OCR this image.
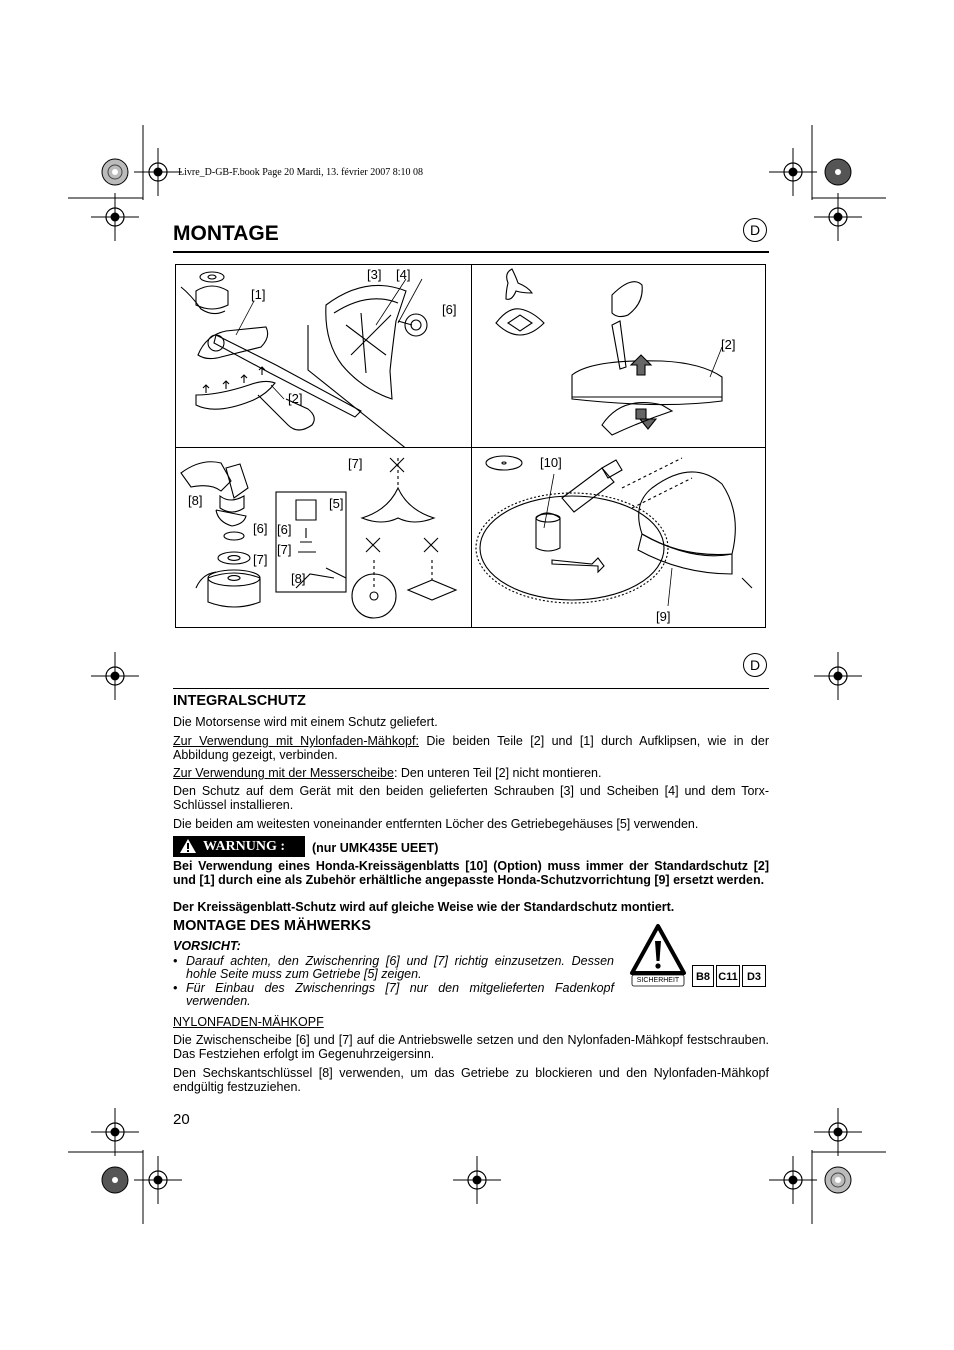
Livre_D-GB-F.book Page 20 Mardi, 13. février 2007 8:10 08
MONTAGE	D
[1]
[2]
[3] [4]
[6]
[2]
[7]
[8]	[5]
[6] [6]
[7]
[7]
[8]
[10]
[9]
D
INTEGRALSCHUTZ
Die Motorsense wird mit einem Schutz geliefert.
Zur Verwendung mit Nylonfaden-Mähkopf: Die beiden Teile [2] und [1] durch Aufklipsen, wie in der Abbildung gezeigt, verbinden.
Zur Verwendung mit der Messerscheibe: Den unteren Teil [2] nicht montieren.
Den Schutz auf dem Gerät mit den beiden gelieferten Schrauben [3] und Scheiben [4] und dem Torx-Schlüssel installieren.
Die beiden am weitesten voneinander entfernten Löcher des Getriebegehäuses [5] verwenden.
WARNUNG : (nur UMK435E UEET)
Bei Verwendung eines Honda-Kreissägenblatts [10] (Option) muss immer der Standardschutz [2] und [1] durch eine als Zubehör erhältliche angepasste Honda-Schutzvorrichtung [9] ersetzt werden.
Der Kreissägenblatt-Schutz wird auf gleiche Weise wie der Standardschutz montiert.
MONTAGE DES MÄHWERKS
VORSICHT:
• Darauf achten, den Zwischenring [6] und [7] richtig einzusetzen. Dessen hohle Seite muss zum Getriebe [5] zeigen.
• Für Einbau des Zwischenrings [7] nur den mitgelieferten Fadenkopf verwenden.
SICHERHEIT	B8 C11 D3
NYLONFADEN-MÄHKOPF
Die Zwischenscheibe [6] und [7] auf die Antriebswelle setzen und den Nylonfaden-Mähkopf festschrauben. Das Festziehen erfolgt im Gegenuhrzeigersinn.
Den Sechskantschlüssel [8] verwenden, um das Getriebe zu blockieren und den Nylonfaden-Mähkopf endgültig festzuziehen.
20
